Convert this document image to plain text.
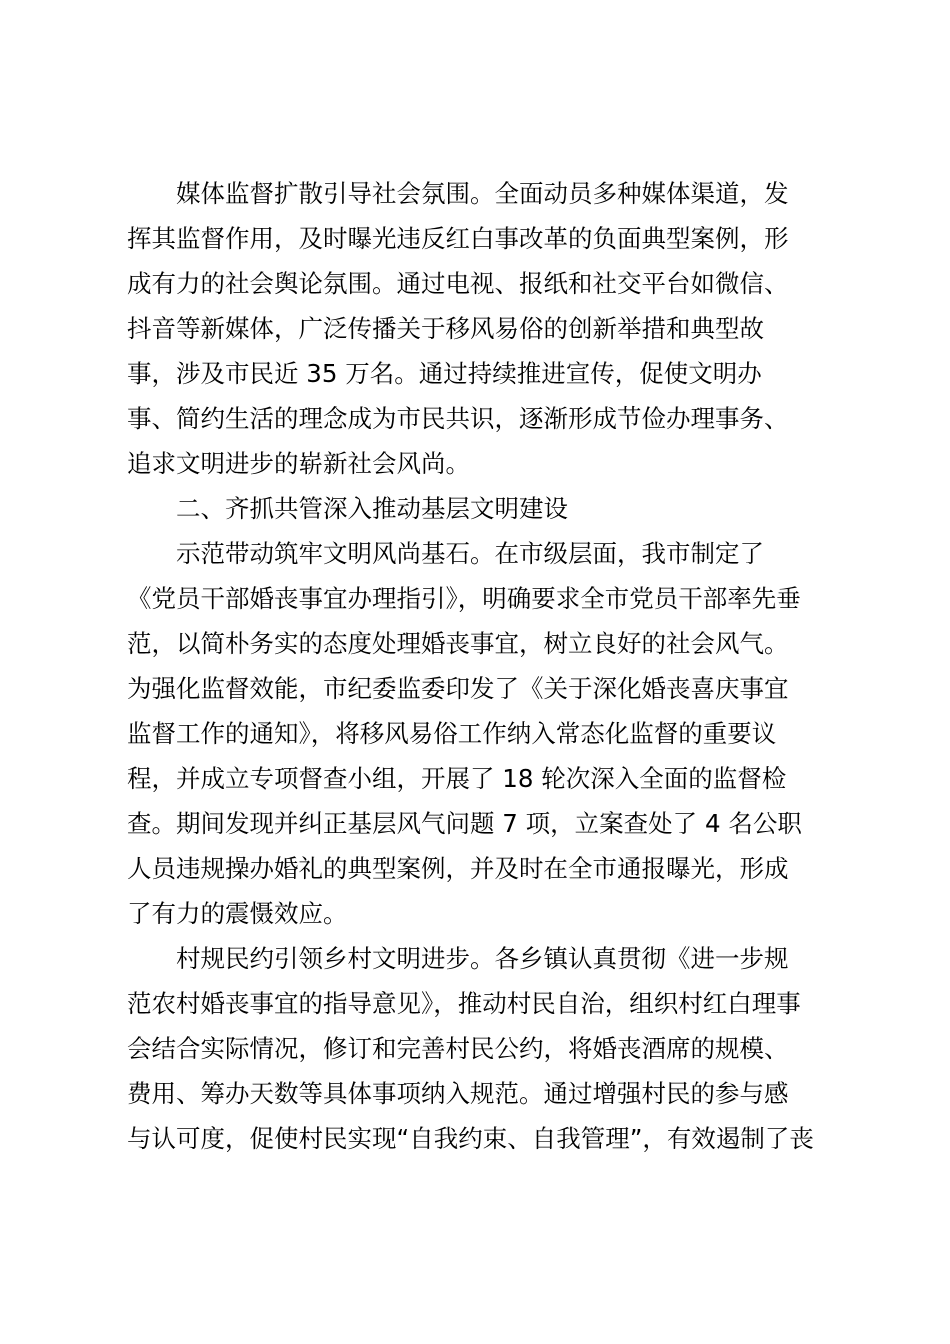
媒体监督扩散引导社会氛围。全面动员多种媒体渠道，发
挥其监督作用，及时曝光违反红白事改革的负面典型案例，形
成有力的社会舆论氛围。通过电视、报纸和社交平台如微信、
抖音等新媒体，广泛传播关于移风易俗的创新举措和典型故
事，涉及市民近 35 万名。通过持续推进宣传，促使文明办
事、简约生活的理念成为市民共识，逐渐形成节俭办理事务、
追求文明进步的崭新社会风尚。
二、齐抓共管深入推动基层文明建设
示范带动筑牢文明风尚基石。在市级层面，我市制定了
《党员干部婚丧事宜办理指引》，明确要求全市党员干部率先垂
范，以简朴务实的态度处理婚丧事宜，树立良好的社会风气。
为强化监督效能，市纪委监委印发了《关于深化婚丧喜庆事宜
监督工作的通知》，将移风易俗工作纳入常态化监督的重要议
程，并成立专项督查小组，开展了 18 轮次深入全面的监督检
查。期间发现并纠正基层风气问题 7 项，立案查处了 4 名公职
人员违规操办婚礼的典型案例，并及时在全市通报曝光，形成
了有力的震慑效应。
村规民约引领乡村文明进步。各乡镇认真贯彻《进一步规
范农村婚丧事宜的指导意见》，推动村民自治，组织村红白理事
会结合实际情况，修订和完善村民公约，将婚丧酒席的规模、
费用、筹办天数等具体事项纳入规范。通过增强村民的参与感
与认可度，促使村民实现“自我约束、自我管理”，有效遏制了丧
